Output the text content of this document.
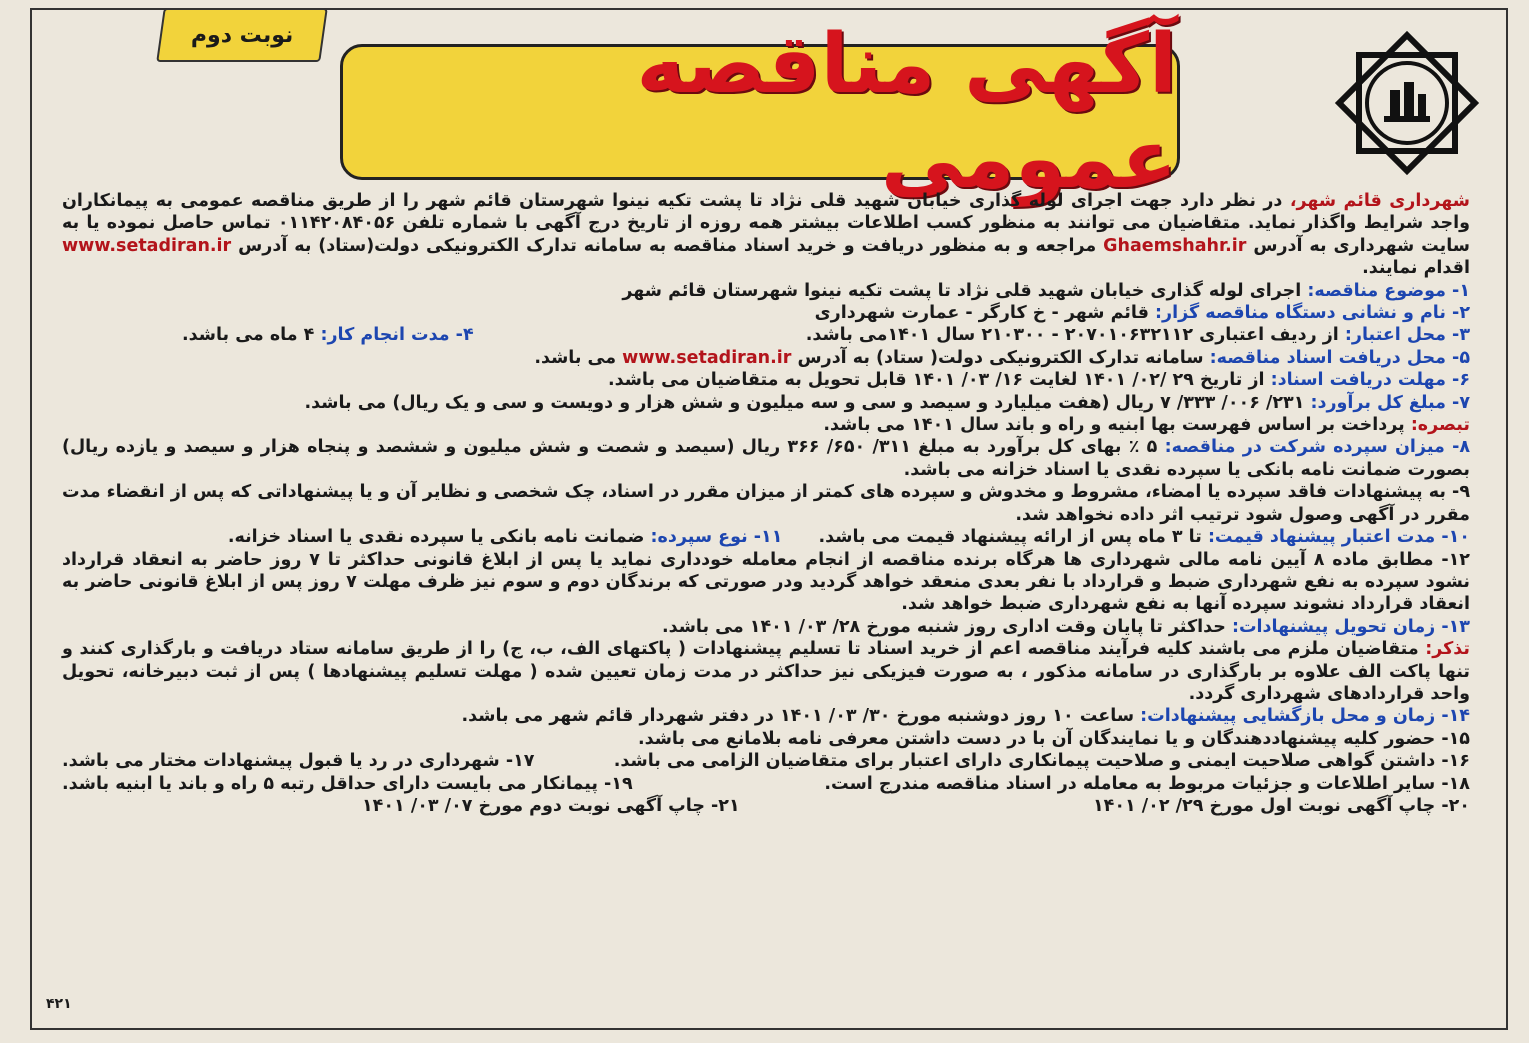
نوبت دوم	آگهی مناقصه عمومی	شهرداری قائم شهر، در نظر دارد جهت اجرای لوله گذاری خیابان شهید قلی نژاد تا پشت تکیه نینوا شهرستان قائم شهر را از طریق مناقصه عمومی به پیمانکاران واجد شرایط واگذار نماید. متقاضیان می توانند به منظور کسب اطلاعات بیشتر همه روزه از تاریخ درج آگهی با شماره تلفن ۰۱۱۴۲۰۸۴۰۵۶ تماس حاصل نموده یا به سایت شهرداری به آدرس Ghaemshahr.ir مراجعه و به منظور دریافت و خرید اسناد مناقصه به سامانه تدارک الکترونیکی دولت(ستاد) به آدرس www.setadiran.ir اقدام نمایند.

۱- موضوع مناقصه: اجرای لوله گذاری خیابان شهید قلی نژاد تا پشت تکیه نینوا شهرستان قائم شهر

۲- نام و نشانی دستگاه مناقصه گزار: قائم شهر - خ کارگر - عمارت شهرداری

۳- محل اعتبار: از ردیف اعتباری ۲۰۷۰۱۰۶۳۲۱۱۲ - ۲۱۰۳۰۰ سال ۱۴۰۱می باشد.
۴- مدت انجام کار: ۴ ماه می باشد.

۵- محل دریافت اسناد مناقصه: سامانه تدارک الکترونیکی دولت( ستاد) به آدرس www.setadiran.ir می باشد.

۶- مهلت دریافت اسناد: از تاریخ ۲۹ /۰۲/ ۱۴۰۱ لغایت ۱۶/ ۰۳/ ۱۴۰۱ قابل تحویل به متقاضیان می باشد.

۷- مبلغ کل برآورد: ۲۳۱/ ۰۰۶/ ۳۳۳/ ۷ ریال (هفت میلیارد و سیصد و سی و سه میلیون و شش هزار و دویست و سی و یک ریال) می باشد.

تبصره: پرداخت بر اساس فهرست بها ابنیه و راه و باند سال ۱۴۰۱ می باشد.

۸- میزان سپرده شرکت در مناقصه: ۵ ٪ بهای کل برآورد به مبلغ ۳۱۱/ ۶۵۰/ ۳۶۶ ریال (سیصد و شصت و شش میلیون و ششصد و پنجاه هزار و سیصد و یازده ریال) بصورت ضمانت نامه بانکی یا سپرده نقدی یا اسناد خزانه می باشد.

۹- به پیشنهادات فاقد سپرده یا امضاء، مشروط و مخدوش و سپرده های کمتر از میزان مقرر در اسناد، چک شخصی و نظایر آن و یا پیشنهاداتی که پس از انقضاء مدت مقرر در آگهی وصول شود ترتیب اثر داده نخواهد شد.

۱۰- مدت اعتبار پیشنهاد قیمت: تا ۳ ماه پس از ارائه پیشنهاد قیمت می باشد. ۱۱- نوع سپرده: ضمانت نامه بانکی یا سپرده نقدی یا اسناد خزانه.

۱۲- مطابق ماده ۸ آیین نامه مالی شهرداری ها هرگاه برنده مناقصه از انجام معامله خودداری نماید یا پس از ابلاغ قانونی حداکثر تا ۷ روز حاضر به انعقاد قرارداد نشود سپرده به نفع شهرداری ضبط و قرارداد با نفر بعدی منعقد خواهد گردید ودر صورتی که برندگان دوم و سوم نیز ظرف مهلت ۷ روز پس از ابلاغ قانونی حاضر به انعقاد قرارداد نشوند سپرده آنها به نفع شهرداری ضبط خواهد شد.

۱۳- زمان تحویل پیشنهادات: حداکثر تا پایان وقت اداری روز شنبه مورخ ۲۸/ ۰۳/ ۱۴۰۱ می باشد.

تذکر: متقاضیان ملزم می باشند کلیه فرآیند مناقصه اعم از خرید اسناد تا تسلیم پیشنهادات ( پاکتهای الف، ب، ج) را از طریق سامانه ستاد دریافت و بارگذاری کنند و تنها پاکت الف علاوه بر بارگذاری در سامانه مذکور ، به صورت فیزیکی نیز حداکثر در مدت زمان تعیین شده ( مهلت تسلیم پیشنهادها ) پس از ثبت دبیرخانه، تحویل واحد قراردادهای شهرداری گردد.

۱۴- زمان و محل بازگشایی پیشنهادات: ساعت ۱۰ روز دوشنبه مورخ ۳۰/ ۰۳/ ۱۴۰۱ در دفتر شهردار قائم شهر می باشد.

۱۵- حضور کلیه پیشنهاددهندگان و یا نمایندگان آن با در دست داشتن معرفی نامه بلامانع می باشد.

۱۶- داشتن گواهی صلاحیت ایمنی و صلاحیت پیمانکاری دارای اعتبار برای متقاضیان الزامی می باشد.
۱۷- شهرداری در رد یا قبول پیشنهادات مختار می باشد.

۱۸- سایر اطلاعات و جزئیات مربوط به معامله در اسناد مناقصه مندرج است.
۱۹- پیمانکار می بایست دارای حداقل رتبه ۵ راه و باند یا ابنیه باشد.

۲۰- چاپ آگهی نوبت اول مورخ ۲۹/ ۰۲/ ۱۴۰۱
۲۱- چاپ آگهی نوبت دوم مورخ ۰۷/ ۰۳/ ۱۴۰۱

۴۲۱
